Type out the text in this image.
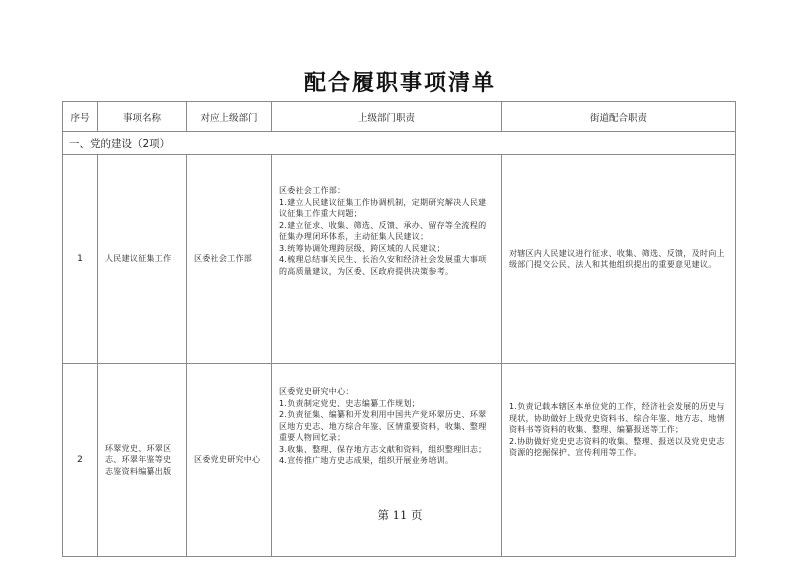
配合履职事项清单
序号	事项名称	对应上级部门	上级部门职责	街道配合职责
一、党的建设（2项）				
1	人民建议征集工作	区委社会工作部	区委社会工作部：
1.建立人民建议征集工作协调机制，定期研究解决人民建议征集工作重大问题；
2.建立征求、收集、筛选、反馈、承办、留存等全流程的征集办理闭环体系，主动征集人民建议；
3.统筹协调处理跨层级、跨区域的人民建议；
4.梳理总结事关民生、长治久安和经济社会发展重大事项的高质量建议，为区委、区政府提供决策参考。	对辖区内人民建议进行征求、收集、筛选、反馈，及时向上级部门提交公民、法人和其他组织提出的重要意见建议。
2	环翠党史、环翠区志、环翠年鉴等史志鉴资料编纂出版	区委党史研究中心	区委党史研究中心：
1.负责制定党史、史志编纂工作规划；
2.负责征集、编纂和开发利用中国共产党环翠历史、环翠区地方史志、地方综合年鉴、区情重要资料，收集、整理重要人物回忆录；
3.收集、整理、保存地方志文献和资料，组织整理旧志；
4.宣传推广地方史志成果，组织开展业务培训。	1.负责记载本辖区本单位党的工作，经济社会发展的历史与现状，协助做好上级党史资料书、综合年鉴、地方志、地情资料书等资料的收集、整理、编纂报送等工作；
2.协助做好党史史志资料的收集、整理、报送以及党史史志资源的挖掘保护、宣传利用等工作。
第 11 页
